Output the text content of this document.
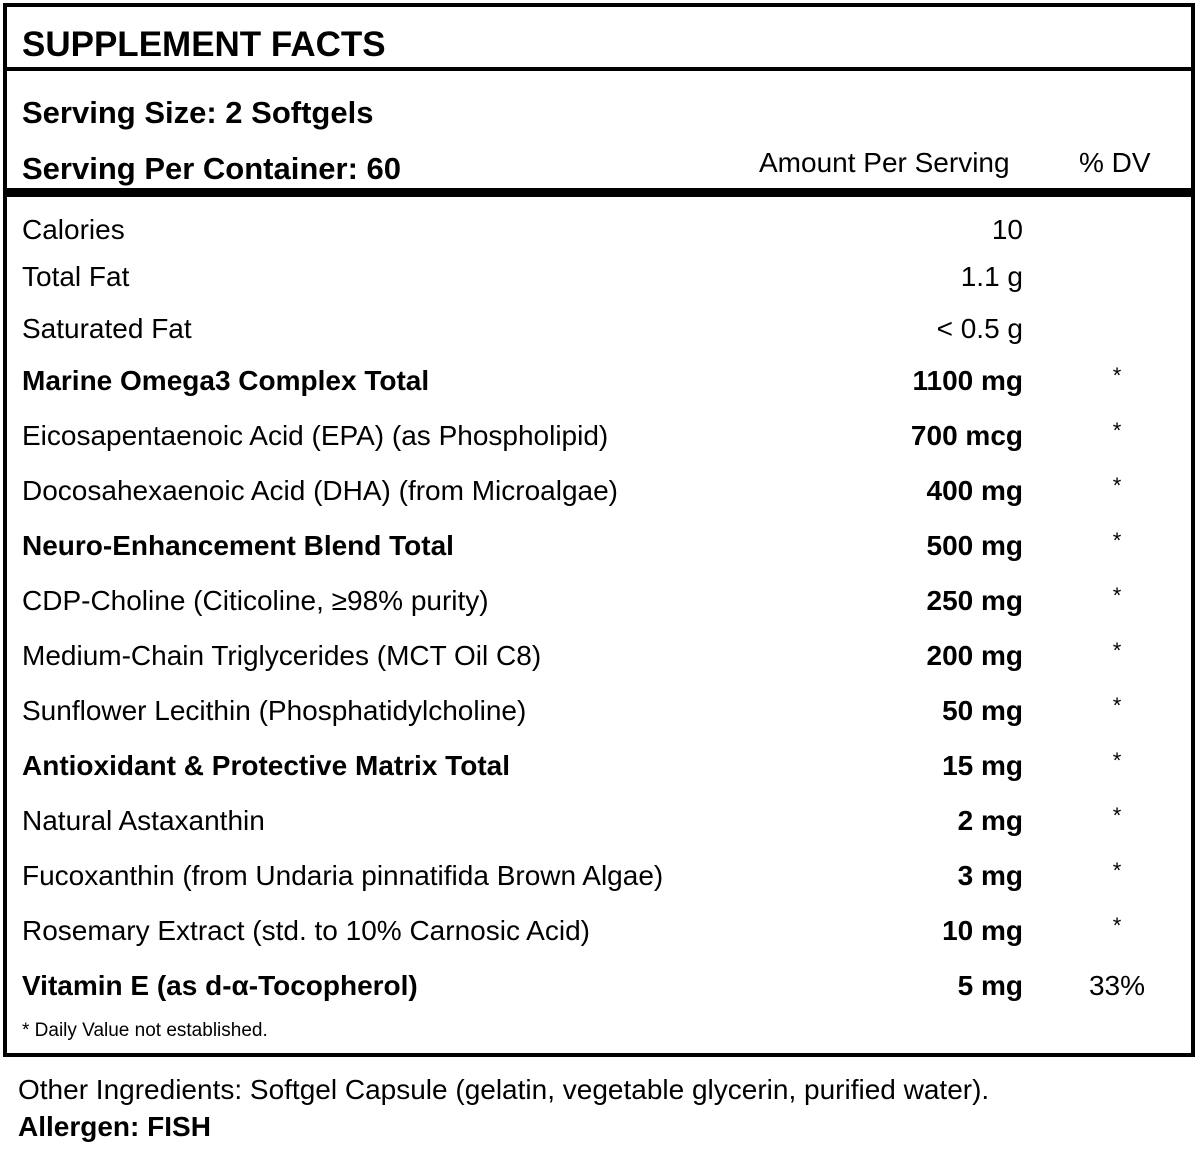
SUPPLEMENT FACTS
Serving Size: 2 Softgels
Serving Per Container: 60	Amount Per Serving % DV
Calories	10
Total Fat	1.1 g
Saturated Fat	< 0.5 g
Marine Omega3 Complex Total	1100 mg	*
Eicosapentaenoic Acid (EPA) (as Phospholipid)	700 mcg	*
Docosahexaenoic Acid (DHA) (from Microalgae)	400 mg	*
Neuro-Enhancement Blend Total	500 mg	*
CDP-Choline (Citicoline, ≥98% purity)	250 mg	*
Medium-Chain Triglycerides (MCT Oil C8)	200 mg	*
Sunflower Lecithin (Phosphatidylcholine)	50 mg	*
Antioxidant & Protective Matrix Total	15 mg	*
Natural Astaxanthin	2 mg	*
Fucoxanthin (from Undaria pinnatifida Brown Algae)	3 mg	*
Rosemary Extract (std. to 10% Carnosic Acid)	10 mg	*
Vitamin E (as d-α-Tocopherol)	5 mg	33%

* Daily Value not established.

Other Ingredients: Softgel Capsule (gelatin, vegetable glycerin, purified water).

Allergen: FISH
